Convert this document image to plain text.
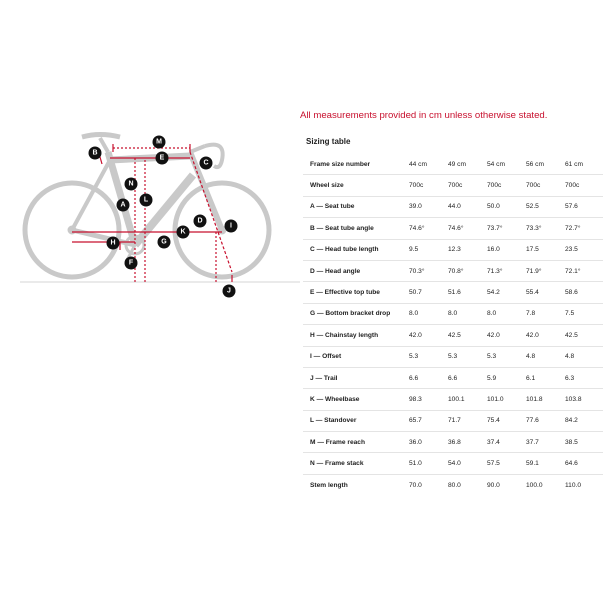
A
B
C
D
E
F
G
H
I
J
K
L
M
N
All measurements provided in cm unless otherwise stated.
Sizing table
Frame size number	44 cm	49 cm	54 cm	56 cm	61 cm
Wheel size	700c	700c	700c	700c	700c
A — Seat tube	39.0	44.0	50.0	52.5	57.6
B — Seat tube angle	74.6°	74.6°	73.7°	73.3°	72.7°
C — Head tube length	9.5	12.3	16.0	17.5	23.5
D — Head angle	70.3°	70.8°	71.3°	71.9°	72.1°
E — Effective top tube	50.7	51.6	54.2	55.4	58.6
G — Bottom bracket drop	8.0	8.0	8.0	7.8	7.5
H — Chainstay length	42.0	42.5	42.0	42.0	42.5
I — Offset	5.3	5.3	5.3	4.8	4.8
J — Trail	6.6	6.6	5.9	6.1	6.3
K — Wheelbase	98.3	100.1	101.0	101.8	103.8
L — Standover	65.7	71.7	75.4	77.6	84.2
M — Frame reach	36.0	36.8	37.4	37.7	38.5
N — Frame stack	51.0	54.0	57.5	59.1	64.6
Stem length	70.0	80.0	90.0	100.0	110.0
